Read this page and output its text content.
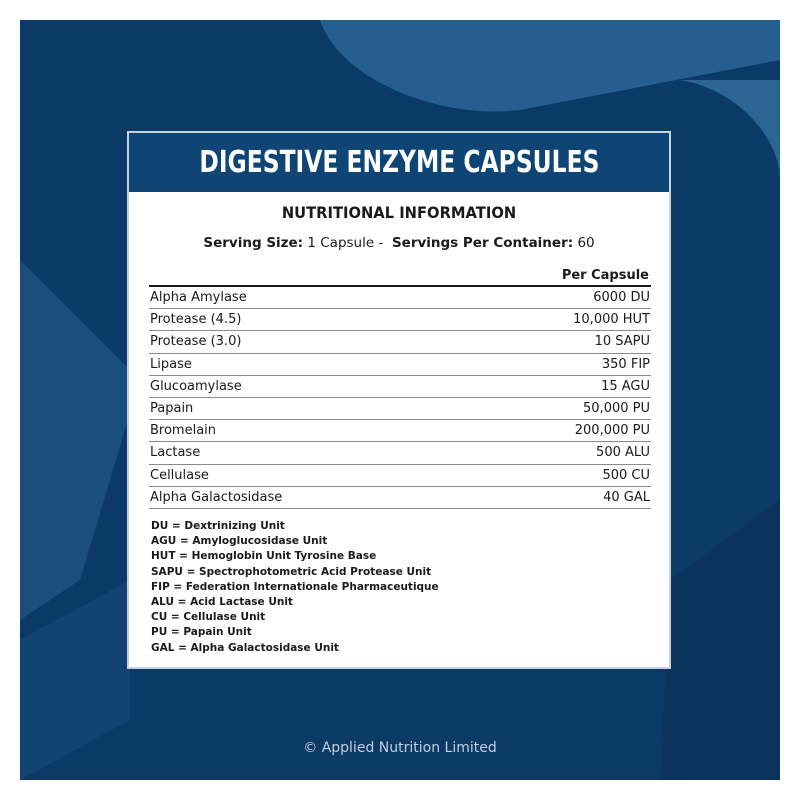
DIGESTIVE ENZYME CAPSULES
NUTRITIONAL INFORMATION
Serving Size: 1 Capsule - Servings Per Container: 60
Per Capsule
Alpha Amylase	6000 DU
Protease (4.5)	10,000 HUT
Protease (3.0)	10 SAPU
Lipase	350 FIP
Glucoamylase	15 AGU
Papain	50,000 PU
Bromelain	200,000 PU
Lactase	500 ALU
Cellulase	500 CU
Alpha Galactosidase	40 GAL
DU = Dextrinizing Unit
AGU = Amyloglucosidase Unit
HUT = Hemoglobin Unit Tyrosine Base
SAPU = Spectrophotometric Acid Protease Unit
FIP = Federation Internationale Pharmaceutique
ALU = Acid Lactase Unit
CU = Cellulase Unit
PU = Papain Unit
GAL = Alpha Galactosidase Unit
© Applied Nutrition Limited
